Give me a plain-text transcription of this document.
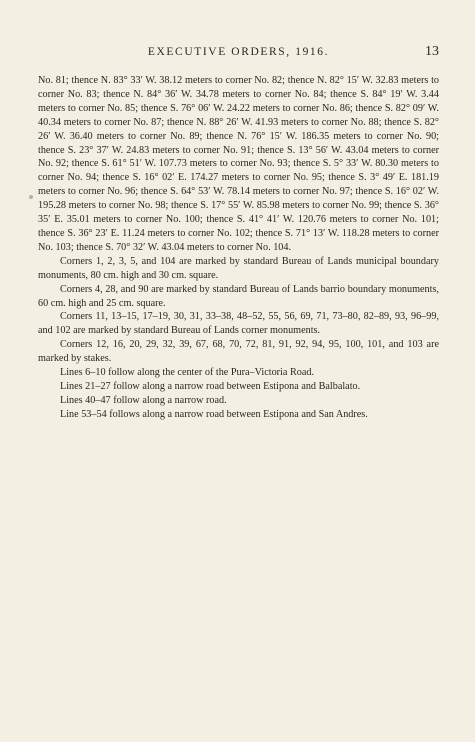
EXECUTIVE ORDERS, 1916.	13

No. 81; thence N. 83° 33′ W. 38.12 meters to corner No. 82; thence N. 82° 15′ W. 32.83 meters to corner No. 83; thence N. 84° 36′ W. 34.78 meters to corner No. 84; thence S. 84° 19′ W. 3.44 meters to corner No. 85; thence S. 76° 06′ W. 24.22 meters to corner No. 86; thence S. 82° 09′ W. 40.34 meters to corner No. 87; thence N. 88° 26′ W. 41.93 meters to corner No. 88; thence S. 82° 26′ W. 36.40 meters to corner No. 89; thence N. 76° 15′ W. 186.35 meters to corner No. 90; thence S. 23° 37′ W. 24.83 meters to corner No. 91; thence S. 13° 56′ W. 43.04 meters to corner No. 92; thence S. 61° 51′ W. 107.73 meters to corner No. 93; thence S. 5° 33′ W. 80.30 meters to corner No. 94; thence S. 16° 02′ E. 174.27 meters to corner No. 95; thence S. 3° 49′ E. 181.19 meters to corner No. 96; thence S. 64° 53′ W. 78.14 meters to corner No. 97; thence S. 16° 02′ W. 195.28 meters to corner No. 98; thence S. 17° 55′ W. 85.98 meters to corner No. 99; thence S. 36° 35′ E. 35.01 meters to corner No. 100; thence S. 41° 41′ W. 120.76 meters to corner No. 101; thence S. 36° 23′ E. 11.24 meters to corner No. 102; thence S. 71° 13′ W. 118.28 meters to corner No. 103; thence S. 70° 32′ W. 43.04 meters to corner No. 104.

Corners 1, 2, 3, 5, and 104 are marked by standard Bureau of Lands municipal boundary monuments, 80 cm. high and 30 cm. square.

Corners 4, 28, and 90 are marked by standard Bureau of Lands barrio boundary monuments, 60 cm. high and 25 cm. square.

Corners 11, 13–15, 17–19, 30, 31, 33–38, 48–52, 55, 56, 69, 71, 73–80, 82–89, 93, 96–99, and 102 are marked by standard Bureau of Lands corner monuments.

Corners 12, 16, 20, 29, 32, 39, 67, 68, 70, 72, 81, 91, 92, 94, 95, 100, 101, and 103 are marked by stakes.

Lines 6–10 follow along the center of the Pura–Victoria Road.

Lines 21–27 follow along a narrow road between Estipona and Balbalato.

Lines 40–47 follow along a narrow road.

Line 53–54 follows along a narrow road between Estipona and San Andres.
